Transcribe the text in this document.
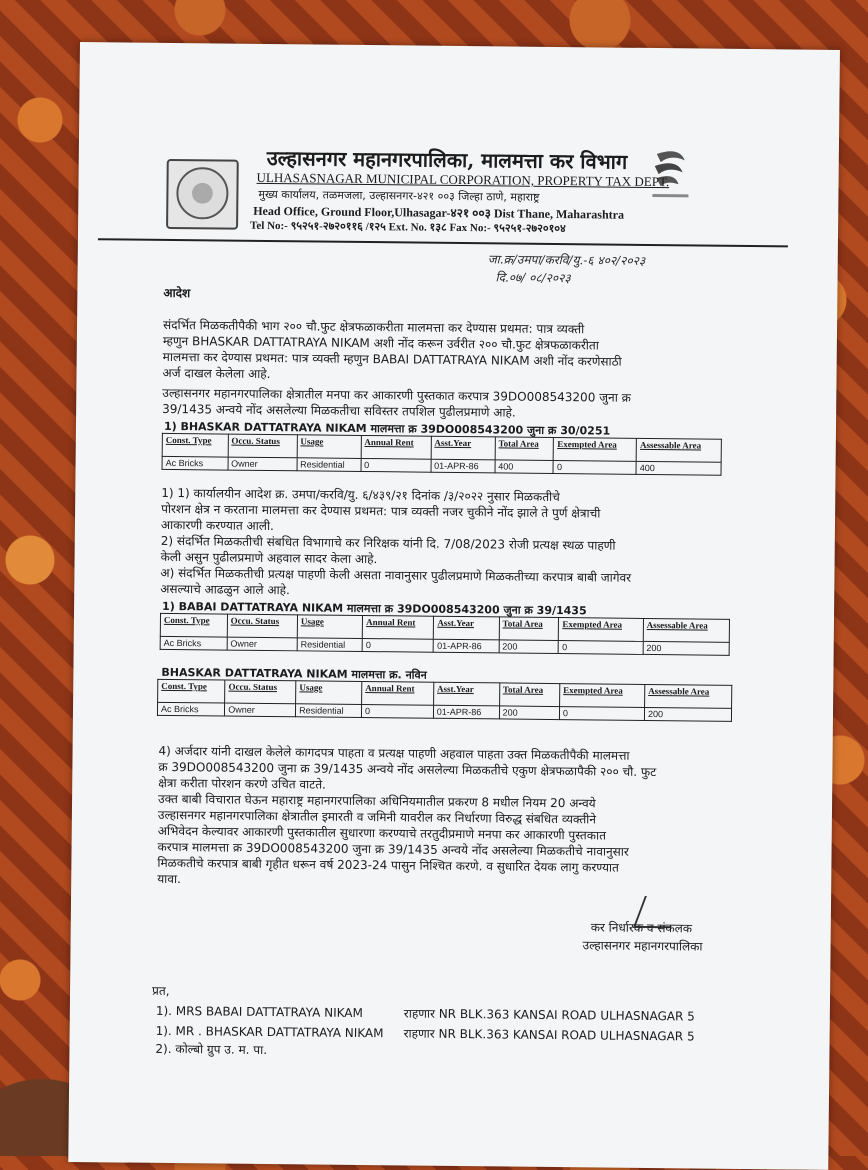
उल्हासनगर महानगरपालिका, मालमत्ता कर विभाग
ULHASASNAGAR MUNICIPAL CORPORATION, PROPERTY TAX DEPT.
मुख्य कार्यालय, तळमजला, उल्हासनगर-४२१ ००३ जिल्हा ठाणे, महाराष्ट्र
Head Office, Ground Floor,Ulhasagar-४२१ ००३ Dist Thane, Maharashtra
Tel No:- ९५२५१-२७२०११६ /१२५ Ext. No. १३८ Fax No:- ९५२५१-२७२०१०४
जा.क्र/उमपा/करवि/यु.-६ ४०२/२०२३
दि.०७/ ०८/२०२३
आदेश
संदर्भित मिळकतीपैकी भाग २०० चौ.फुट क्षेत्रफळाकरीता मालमत्ता कर देण्यास प्रथमत: पात्र व्यक्ती
म्हणुन BHASKAR DATTATRAYA NIKAM अशी नोंद करून उर्वरीत २०० चौ.फुट क्षेत्रफळाकरीता
मालमत्ता कर देण्यास प्रथमत: पात्र व्यक्ती म्हणुन BABAI DATTATRAYA NIKAM अशी नोंद करणेसाठी
अर्ज दाखल केलेला आहे.
उल्हासनगर महानगरपालिका क्षेत्रातील मनपा कर आकारणी पुस्तकात करपात्र 39DO008543200 जुना क्र
39/1435 अन्वये नोंद असलेल्या मिळकतीचा सविस्तर तपशिल पुढीलप्रमाणे आहे.
1) BHASKAR DATTATRAYA NIKAM मालमत्ता क्र 39DO008543200 जुना क्र 30/0251
Const. Type	Occu. Status	Usage	Annual Rent	Asst.Year	Total Area	Exempted Area	Assessable Area
Ac Bricks	Owner	Residential	0	01-APR-86	400	0	400
1) 1) कार्यालयीन आदेश क्र. उमपा/करवि/यु. ६/४३९/२१ दिनांक /३/२०२२ नुसार मिळकतीचे
पोरशन क्षेत्र न करताना मालमत्ता कर देण्यास प्रथमत: पात्र व्यक्ती नजर चुकीने नोंद झाले ते पुर्ण क्षेत्राची
आकारणी करण्यात आली.
2) संदर्भित मिळकतीची संबधित विभागाचे कर निरिक्षक यांनी दि. 7/08/2023 रोजी प्रत्यक्ष स्थळ पाहणी
केली असुन पुढीलप्रमाणे अहवाल सादर केला आहे.
अ) संदर्भित मिळकतीची प्रत्यक्ष पाहणी केली असता नावानुसार पुढीलप्रमाणे मिळकतीच्या करपात्र बाबी जागेवर
असल्याचे आढळुन आले आहे.
1) BABAI DATTATRAYA NIKAM मालमत्ता क्र 39DO008543200 जुना क्र 39/1435
Const. Type	Occu. Status	Usage	Annual Rent	Asst.Year	Total Area	Exempted Area	Assessable Area
Ac Bricks	Owner	Residential	0	01-APR-86	200	0	200
BHASKAR DATTATRAYA NIKAM मालमत्ता क्र. नविन
Const. Type	Occu. Status	Usage	Annual Rent	Asst.Year	Total Area	Exempted Area	Assessable Area
Ac Bricks	Owner	Residential	0	01-APR-86	200	0	200
4) अर्जदार यांनी दाखल केलेले कागदपत्र पाहता व प्रत्यक्ष पाहणी अहवाल पाहता उक्त मिळकतीपैकी मालमत्ता
क्र 39DO008543200 जुना क्र 39/1435 अन्वये नोंद असलेल्या मिळकतीचे एकुण क्षेत्रफळापैकी २०० चौ. फुट
क्षेत्रा करीता पोरशन करणे उचित वाटते.
उक्त बाबी विचारात घेऊन महाराष्ट्र महानगरपालिका अधिनियमातील प्रकरण 8 मधील नियम 20 अन्वये
उल्हासनगर महानगरपालिका क्षेत्रातील इमारती व जमिनी यावरील कर निर्धारणा विरुद्ध संबधित व्यक्तीने
अभिवेदन केल्यावर आकारणी पुस्तकातील सुधारणा करण्याचे तरतुदीप्रमाणे मनपा कर आकारणी पुस्तकात
करपात्र मालमत्ता क्र 39DO008543200 जुना क्र 39/1435 अन्वये नोंद असलेल्या मिळकतीचे नावानुसार
मिळकतीचे करपात्र बाबी गृहीत धरून वर्ष 2023-24 पासुन निश्चित करणे. व सुधारित देयक लागु करण्यात
यावा.
कर निर्धारक व संकलक
उल्हासनगर महानगरपालिका
प्रत,
1). MRS BABAI DATTATRAYA NIKAM	राहणार NR BLK.363 KANSAI ROAD ULHASNAGAR 5
1). MR . BHASKAR DATTATRAYA NIKAM राहणार NR BLK.363 KANSAI ROAD ULHASNAGAR 5
2). कोल्बो ग्रुप उ. म. पा.
